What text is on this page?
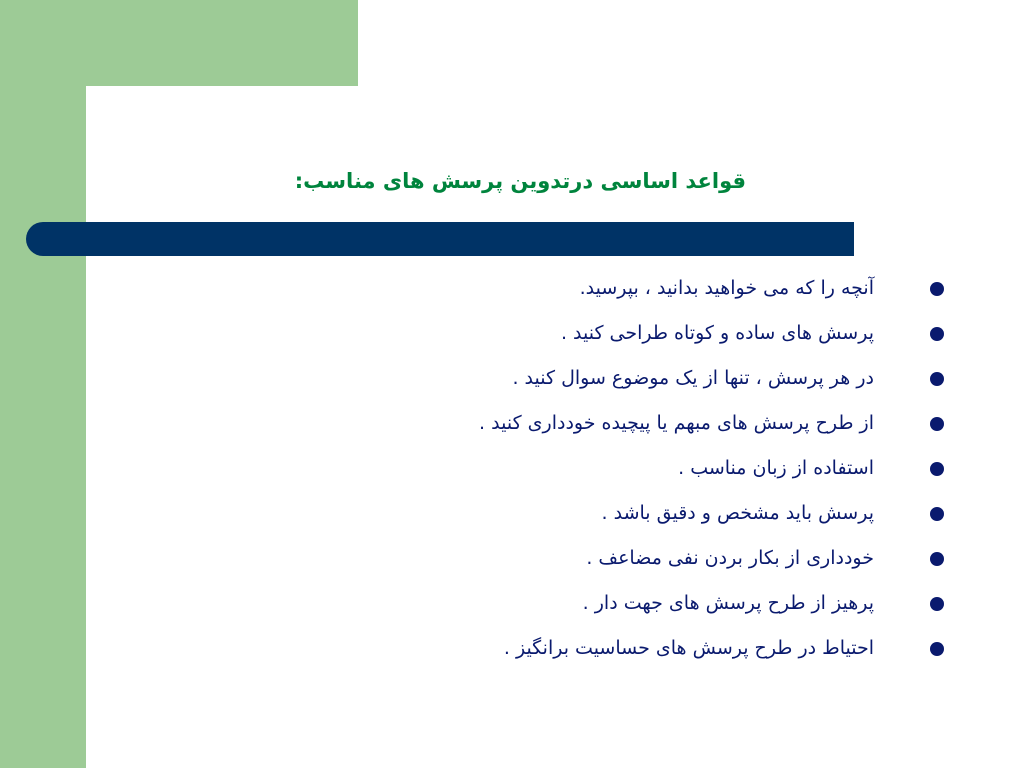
قواعد اساسی درتدوین پرسش های مناسب:
آنچه را که می خواهید بدانید ، بپرسید.
پرسش های ساده و کوتاه طراحی کنید .
در هر پرسش ، تنها از یک موضوع سوال کنید .
از طرح پرسش های مبهم یا پیچیده خودداری کنید .
استفاده از زبان مناسب .
پرسش باید مشخص و دقیق باشد .
خودداری از بکار بردن نفی مضاعف .
پرهیز از طرح پرسش های جهت دار .
احتیاط در طرح پرسش های حساسیت برانگیز .
